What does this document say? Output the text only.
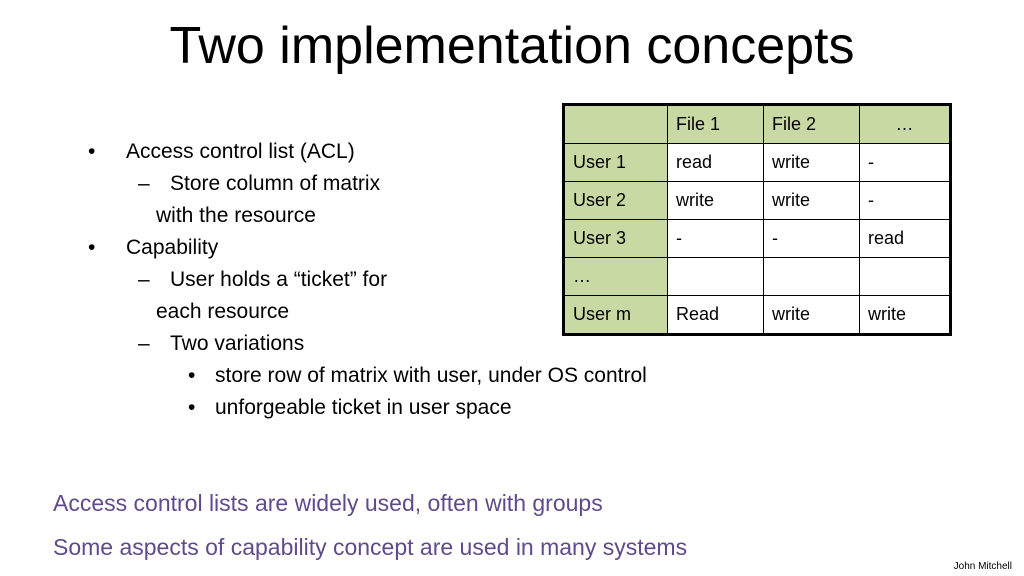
Two implementation concepts
• Access control list (ACL)
– Store column of matrix
with the resource
• Capability
– User holds a “ticket” for
each resource
– Two variations
• store row of matrix with user, under OS control
• unforgeable ticket in user space
	File 1	File 2	…
User 1	read	write	-
User 2	write	write	-
User 3	-	-	read
…			
User m	Read	write	write
Access control lists are widely used, often with groups
Some aspects of capability concept are used in many systems
John Mitchell
